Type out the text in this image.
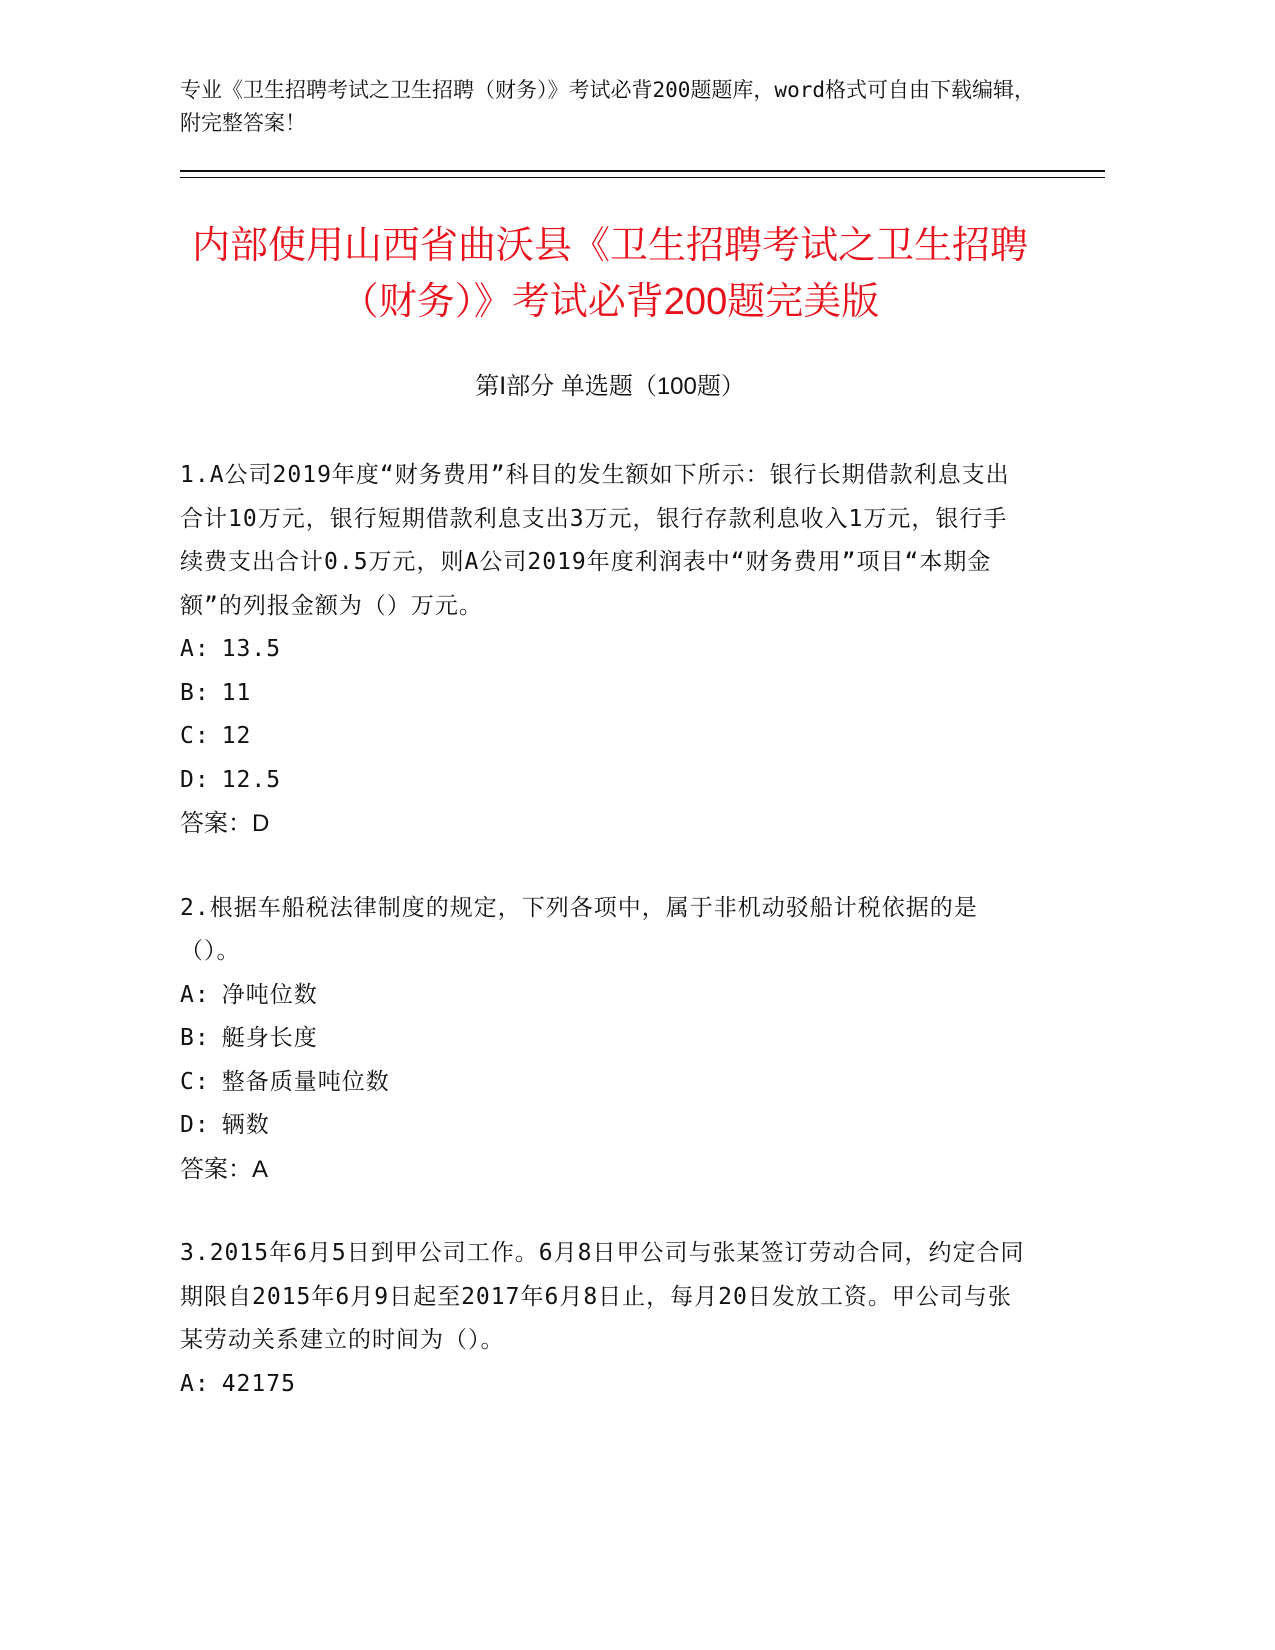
专业《卫生招聘考试之卫生招聘（财务）》考试必背200题题库，word格式可自由下载编辑，附完整答案！
内部使用山西省曲沃县《卫生招聘考试之卫生招聘（财务）》考试必背200题完美版
第Ⅰ部分 单选题（100题）
1.A公司2019年度“财务费用”科目的发生额如下所示：银行长期借款利息支出合计10万元，银行短期借款利息支出3万元，银行存款利息收入1万元，银行手续费支出合计0.5万元，则A公司2019年度利润表中“财务费用”项目“本期金额”的列报金额为（）万元。
A: 13.5
B: 11
C: 12
D: 12.5
答案：D
2.根据车船税法律制度的规定，下列各项中，属于非机动驳船计税依据的是（）。
A: 净吨位数
B: 艇身长度
C: 整备质量吨位数
D: 辆数
答案：A
3.2015年6月5日到甲公司工作。6月8日甲公司与张某签订劳动合同，约定合同期限自2015年6月9日起至2017年6月8日止，每月20日发放工资。甲公司与张某劳动关系建立的时间为（）。
A: 42175
